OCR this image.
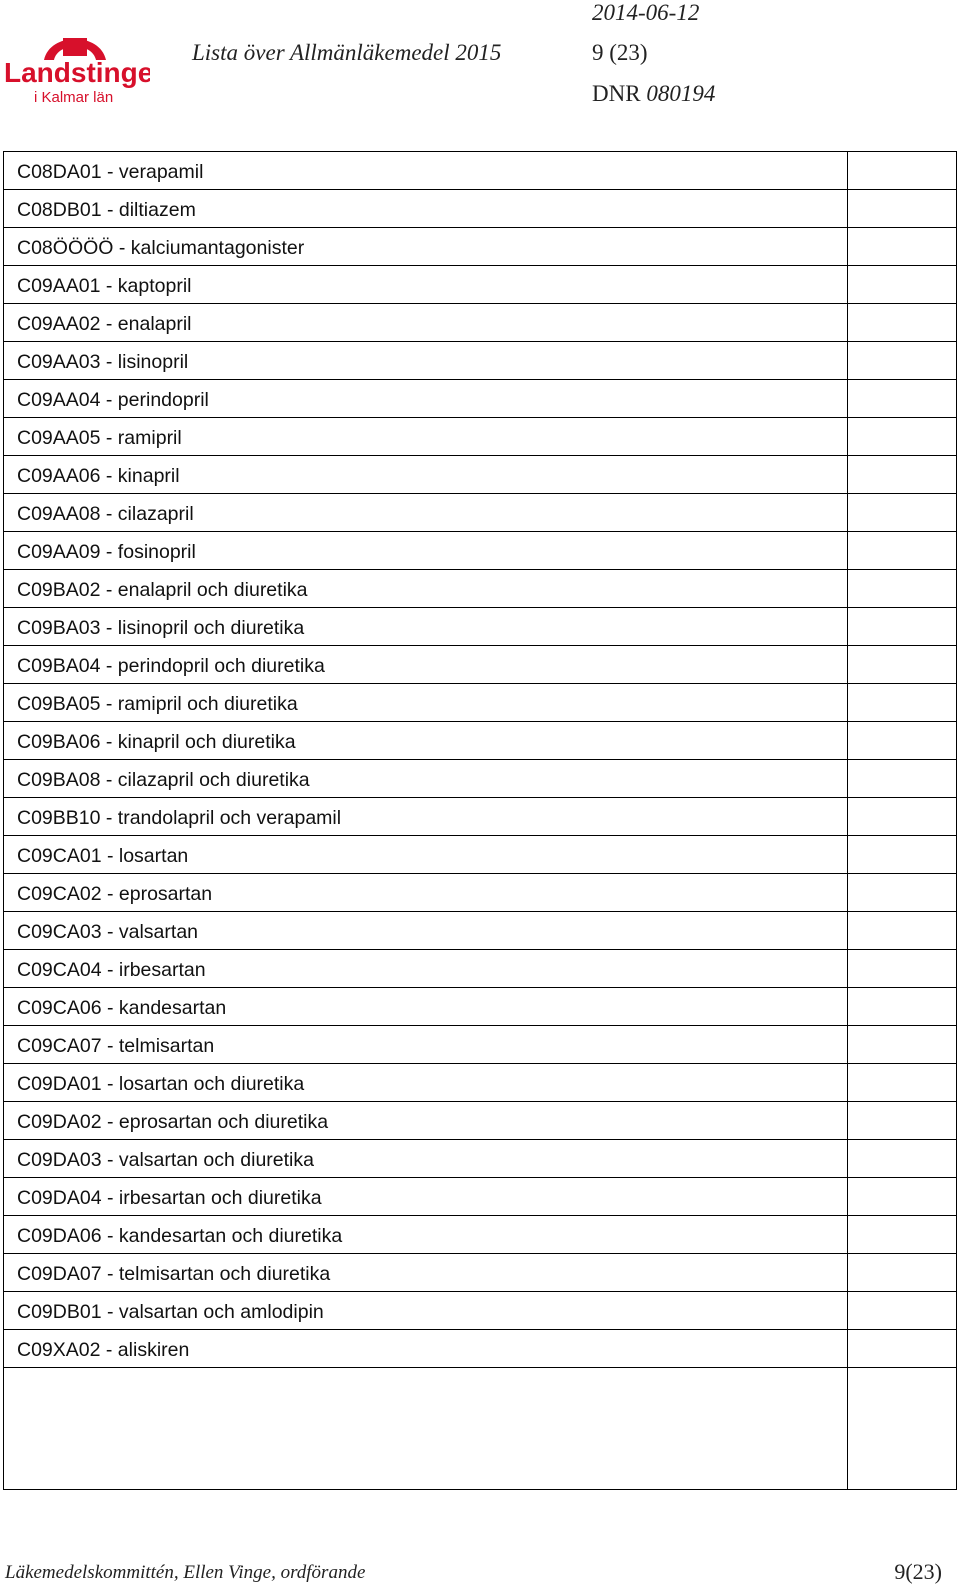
Landstinget
i Kalmar län
Lista över Allmänläkemedel 2015
2014-06-12
9 (23)
DNR 080194
C08DA01 - verapamil
C08DB01 - diltiazem
C08ÖÖÖÖ - kalciumantagonister
C09AA01 - kaptopril
C09AA02 - enalapril
C09AA03 - lisinopril
C09AA04 - perindopril
C09AA05 - ramipril
C09AA06 - kinapril
C09AA08 - cilazapril
C09AA09 - fosinopril
C09BA02 - enalapril och diuretika
C09BA03 - lisinopril och diuretika
C09BA04 - perindopril och diuretika
C09BA05 - ramipril och diuretika
C09BA06 - kinapril och diuretika
C09BA08 - cilazapril och diuretika
C09BB10 - trandolapril och verapamil
C09CA01 - losartan
C09CA02 - eprosartan
C09CA03 - valsartan
C09CA04 - irbesartan
C09CA06 - kandesartan
C09CA07 - telmisartan
C09DA01 - losartan och diuretika
C09DA02 - eprosartan och diuretika
C09DA03 - valsartan och diuretika
C09DA04 - irbesartan och diuretika
C09DA06 - kandesartan och diuretika
C09DA07 - telmisartan och diuretika
C09DB01 - valsartan och amlodipin
C09XA02 - aliskiren
Läkemedelskommittén, Ellen Vinge, ordförande	9(23)
